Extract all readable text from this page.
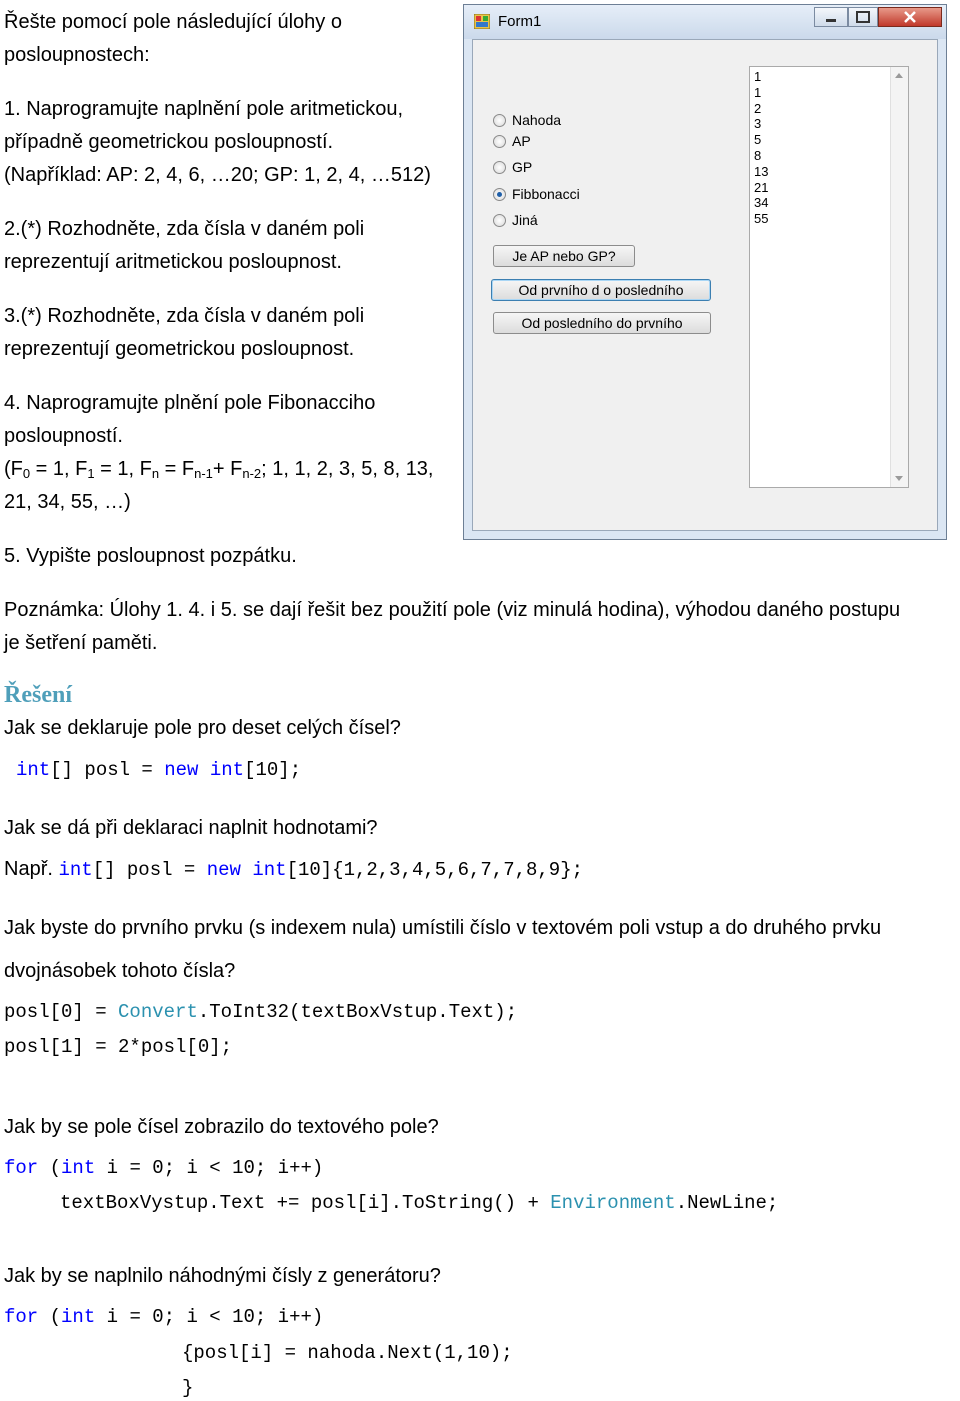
Řešte pomocí pole následující úlohy o
posloupnostech:
1. Naprogramujte naplnění pole aritmetickou,
případně geometrickou posloupností.
(Například: AP: 2, 4, 6, …20; GP: 1, 2, 4, …512)
2.(*) Rozhodněte, zda čísla v daném poli
reprezentují aritmetickou posloupnost.
3.(*) Rozhodněte, zda čísla v daném poli
reprezentují geometrickou posloupnost.
4. Naprogramujte plnění pole Fibonacciho
posloupností.
($F_0 = 1$, $F_1 = 1$, $F_n = F_{n-1}+ F_{n-2}$; 1, 1, 2, 3, 5, 8, 13,
21, 34, 55, …)
5. Vypište posloupnost pozpátku.
Poznámka: Úlohy 1. 4. i 5. se dají řešit bez použití pole (viz minulá hodina), výhodou daného postupu
je šetření paměti.
Form1
Nahoda
AP
GP
Fibbonacci
Jiná
Je AP nebo GP?
Od prvního d o posledního
Od posledního do prvního
1
1
2
3
5
8
13
21
34
55
Řešení
Jak se deklaruje pole pro deset celých čísel?
int[] posl = new int[10];
Jak se dá při deklaraci naplnit hodnotami?
Např. int[] posl = new int[10]{1,2,3,4,5,6,7,7,8,9};
Jak byste do prvního prvku (s indexem nula) umístili číslo v textovém poli vstup a do druhého prvku
dvojnásobek tohoto čísla?
posl[0] = Convert.ToInt32(textBoxVstup.Text);
posl[1] = 2*posl[0];
Jak by se pole čísel zobrazilo do textového pole?
for (int i = 0; i < 10; i++)
textBoxVystup.Text += posl[i].ToString() + Environment.NewLine;
Jak by se naplnilo náhodnými čísly z generátoru?
for (int i = 0; i < 10; i++)
{posl[i] = nahoda.Next(1,10);
}
